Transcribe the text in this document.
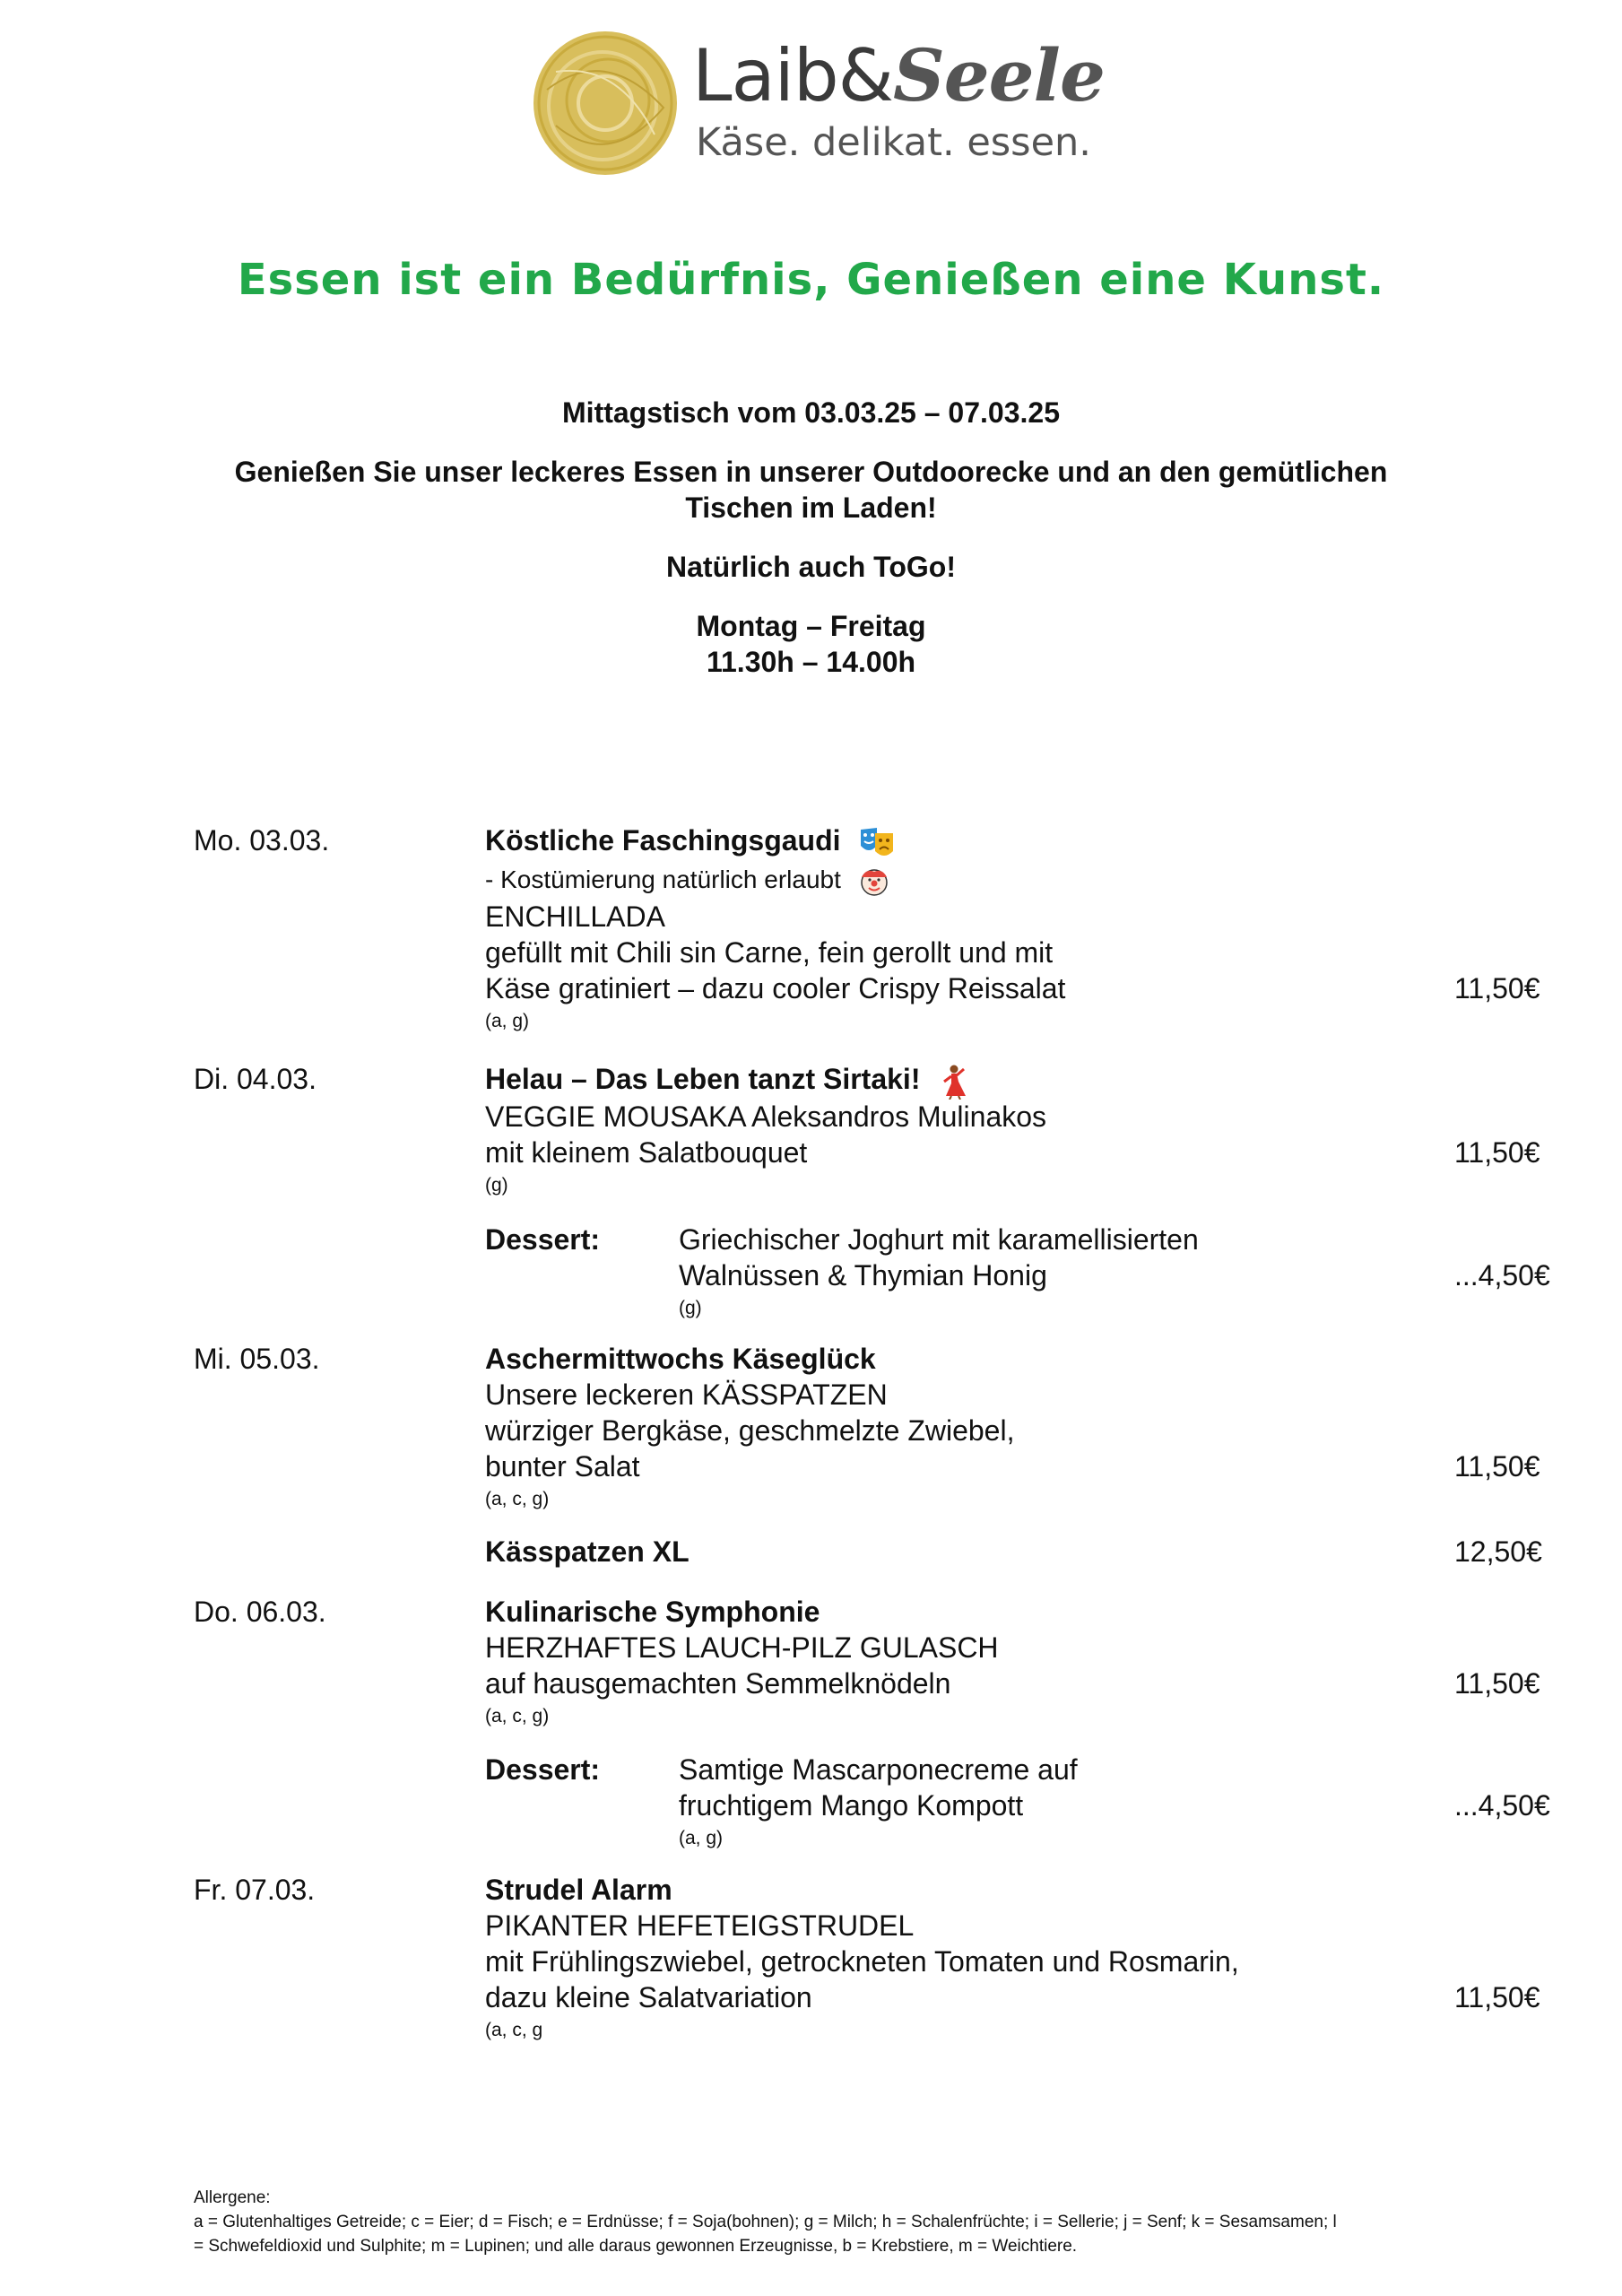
Laib&Seele
Käse. delikat. essen.
Essen ist ein Bedürfnis, Genießen eine Kunst.
Mittagstisch vom 03.03.25 – 07.03.25
Genießen Sie unser leckeres Essen in unserer Outdoorecke und an den gemütlichen
Tischen im Laden!
Natürlich auch ToGo!
Montag – Freitag
11.30h – 14.00h
Mo. 03.03.	Köstliche Faschingsgaudi
- Kostümierung natürlich erlaubt
ENCHILLADA
gefüllt mit Chili sin Carne, fein gerollt und mit
Käse gratiniert – dazu cooler Crispy Reissalat	11,50€
(a, g)
Di. 04.03.	Helau – Das Leben tanzt Sirtaki!
VEGGIE MOUSAKA Aleksandros Mulinakos
mit kleinem Salatbouquet	11,50€
(g)
Dessert:	Griechischer Joghurt mit karamellisierten
Walnüssen & Thymian Honig	...4,50€
(g)
Mi. 05.03.	Aschermittwochs Käseglück
Unsere leckeren KÄSSPATZEN
würziger Bergkäse, geschmelzte Zwiebel,
bunter Salat	11,50€
(a, c, g)
Kässpatzen XL	12,50€
Do. 06.03.	Kulinarische Symphonie
HERZHAFTES LAUCH-PILZ GULASCH
auf hausgemachten Semmelknödeln	11,50€
(a, c, g)
Dessert:	Samtige Mascarponecreme auf
fruchtigem Mango Kompott	...4,50€
(a, g)
Fr. 07.03.	Strudel Alarm
PIKANTER HEFETEIGSTRUDEL
mit Frühlingszwiebel, getrockneten Tomaten und Rosmarin,
dazu kleine Salatvariation	11,50€
(a, c, g
Allergene:
a = Glutenhaltiges Getreide; c = Eier; d = Fisch; e = Erdnüsse; f = Soja(bohnen); g = Milch; h = Schalenfrüchte; i = Sellerie; j = Senf; k = Sesamsamen; l
= Schwefeldioxid und Sulphite; m = Lupinen; und alle daraus gewonnen Erzeugnisse, b = Krebstiere, m = Weichtiere.
